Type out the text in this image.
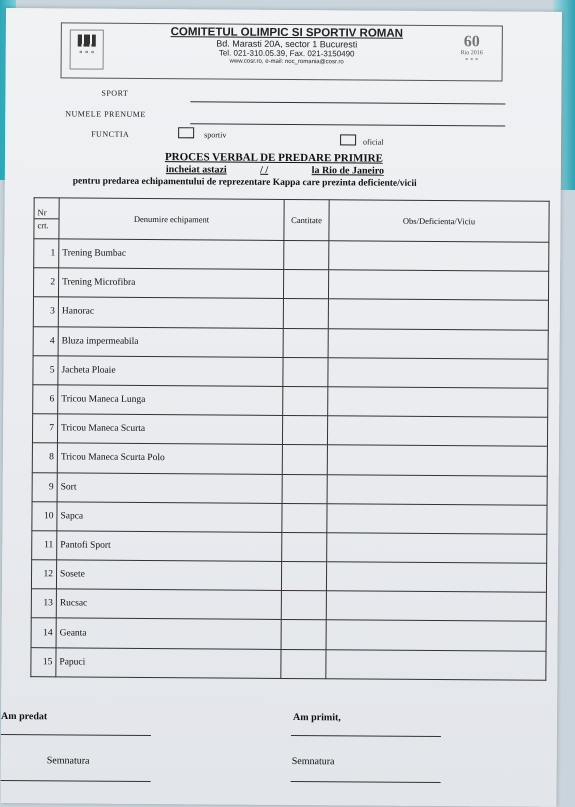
⚬⚬⚬
COMITETUL OLIMPIC SI SPORTIV ROMAN
Bd. Marasti 20A, sector 1 Bucuresti
Tel. 021-310.05.39, Fax. 021-3150490
www.cosr.ro, e-mail: noc_romania@cosr.ro
60
Rio 2016
⚬⚬⚬
SPORT
NUMELE PRENUME
FUNCTIA	sportiv
oficial
PROCES VERBAL DE PREDARE PRIMIRE
incheiat astazi	/ /	la Rio de Janeiro
pentru predarea echipamentului de reprezentare Kappa care prezinta deficiente/vicii
Nr
crt.	Denumire echipament	Cantitate	Obs/Deficienta/Viciu
1	Trening Bumbac		
2	Trening Microfibra		
3	Hanorac		
4	Bluza impermeabila		
5	Jacheta Ploaie		
6	Tricou Maneca Lunga		
7	Tricou Maneca Scurta		
8	Tricou Maneca Scurta Polo		
9	Sort		
10	Sapca		
11	Pantofi Sport		
12	Sosete		
13	Rucsac		
14	Geanta		
15	Papuci		
Am predat	Am primit,
Semnatura	Semnatura
